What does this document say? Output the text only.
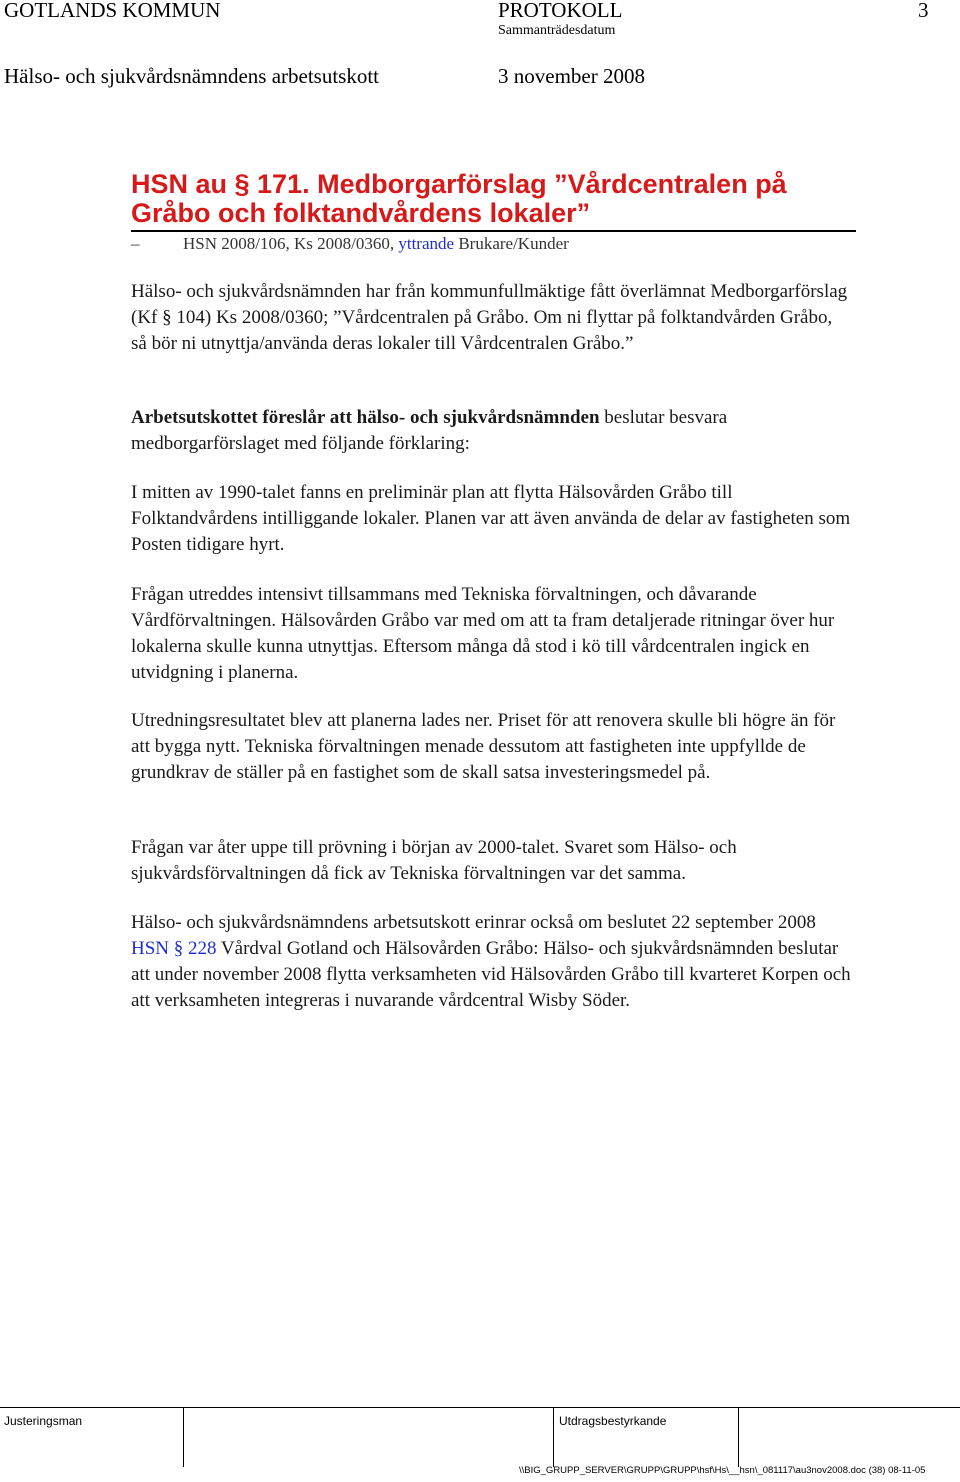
GOTLANDS KOMMUN	PROTOKOLL	3
Sammanträdesdatum
Hälso- och sjukvårdsnämndens arbetsutskott	3 november 2008
HSN au § 171. Medborgarförslag ”Vårdcentralen på
Gråbo och folktandvårdens lokaler”
–	HSN 2008/106, Ks 2008/0360, yttrande Brukare/Kunder

Hälso- och sjukvårdsnämnden har från kommunfullmäktige fått överlämnat Medborgarförslag (Kf § 104) Ks 2008/0360; ”Vårdcentralen på Gråbo. Om ni flyttar på folktandvården Gråbo, så bör ni utnyttja/använda deras lokaler till Vårdcentralen Gråbo.”

Arbetsutskottet föreslår att hälso- och sjukvårdsnämnden beslutar besvara medborgarförslaget med följande förklaring:

I mitten av 1990-talet fanns en preliminär plan att flytta Hälsovården Gråbo till Folktandvårdens intilliggande lokaler. Planen var att även använda de delar av fastigheten som Posten tidigare hyrt.

Frågan utreddes intensivt tillsammans med Tekniska förvaltningen, och dåvarande Vårdförvaltningen. Hälsovården Gråbo var med om att ta fram detaljerade ritningar över hur lokalerna skulle kunna utnyttjas. Eftersom många då stod i kö till vårdcentralen ingick en utvidgning i planerna.

Utredningsresultatet blev att planerna lades ner. Priset för att renovera skulle bli högre än för att bygga nytt. Tekniska förvaltningen menade dessutom att fastigheten inte uppfyllde de grundkrav de ställer på en fastighet som de skall satsa investeringsmedel på.

Frågan var åter uppe till prövning i början av 2000-talet. Svaret som Hälso- och sjukvårdsförvaltningen då fick av Tekniska förvaltningen var det samma.

Hälso- och sjukvårdsnämndens arbetsutskott erinrar också om beslutet 22 september 2008 HSN § 228 Vårdval Gotland och Hälsovården Gråbo: Hälso- och sjukvårdsnämnden beslutar att under november 2008 flytta verksamheten vid Hälsovården Gråbo till kvarteret Korpen och att verksamheten integreras i nuvarande vårdcentral Wisby Söder.

Justeringsman	Utdragsbestyrkande
\\BIG_GRUPP_SERVER\GRUPP\GRUPP\hsf\Hs\__hsn\_081117\au3nov2008.doc (38) 08-11-05
